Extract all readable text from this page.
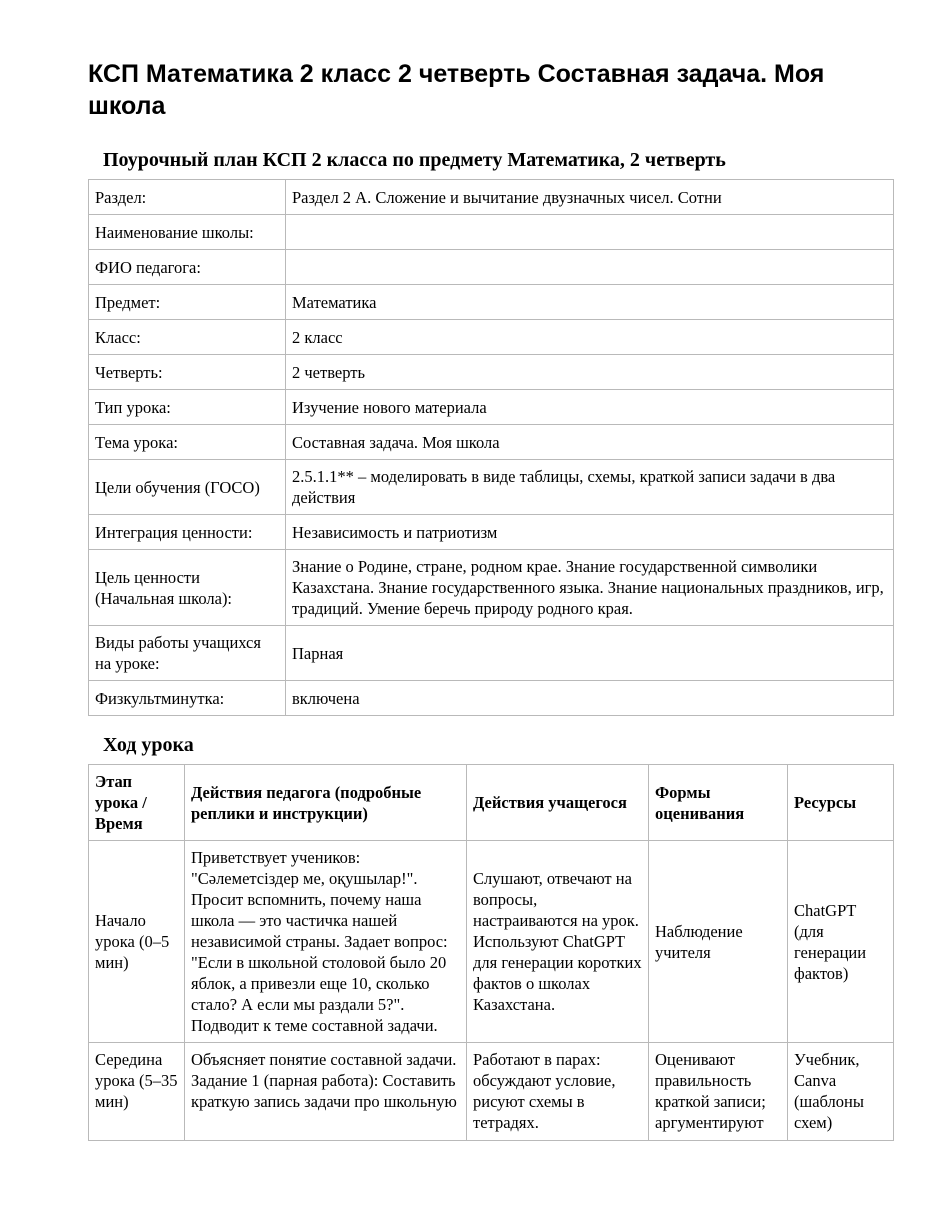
КСП Математика 2 класс 2 четверть Составная задача. Моя школа
Поурочный план КСП 2 класса по предмету Математика, 2 четверть
Раздел:	Раздел 2 А. Сложение и вычитание двузначных чисел. Сотни
Наименование школы:	
ФИО педагога:	
Предмет:	Математика
Класс:	2 класс
Четверть:	2 четверть
Тип урока:	Изучение нового материала
Тема урока:	Составная задача. Моя школа
Цели обучения (ГОСО)	2.5.1.1** – моделировать в виде таблицы, схемы, краткой записи задачи в два действия
Интеграция ценности:	Независимость и патриотизм
Цель ценности (Начальная школа):	Знание о Родине, стране, родном крае. Знание государственной символики Казахстана. Знание государственного языка. Знание национальных праздников, игр, традиций. Умение беречь природу родного края.
Виды работы учащихся на уроке:	Парная
Физкультминутка:	включена
Ход урока
Этап урока / Время	Действия педагога (подробные реплики и инструкции)	Действия учащегося	Формы оценивания	Ресурсы
Начало урока (0–5 мин)	Приветствует учеников: "Сәлеметсіздер ме, оқушылар!". Просит вспомнить, почему наша школа — это частичка нашей независимой страны. Задает вопрос: "Если в школьной столовой было 20 яблок, а привезли еще 10, сколько стало? А если мы раздали 5?". Подводит к теме составной задачи.	Слушают, отвечают на вопросы, настраиваются на урок. Используют ChatGPT для генерации коротких фактов о школах Казахстана.	Наблюдение учителя	ChatGPT (для генерации фактов)
Середина урока (5–35 мин)	Объясняет понятие составной задачи. Задание 1 (парная работа): Составить краткую запись задачи про школьную	Работают в парах: обсуждают условие, рисуют схемы в тетрадях.	Оценивают правильность краткой записи; аргументируют	Учебник, Canva (шаблоны схем)
